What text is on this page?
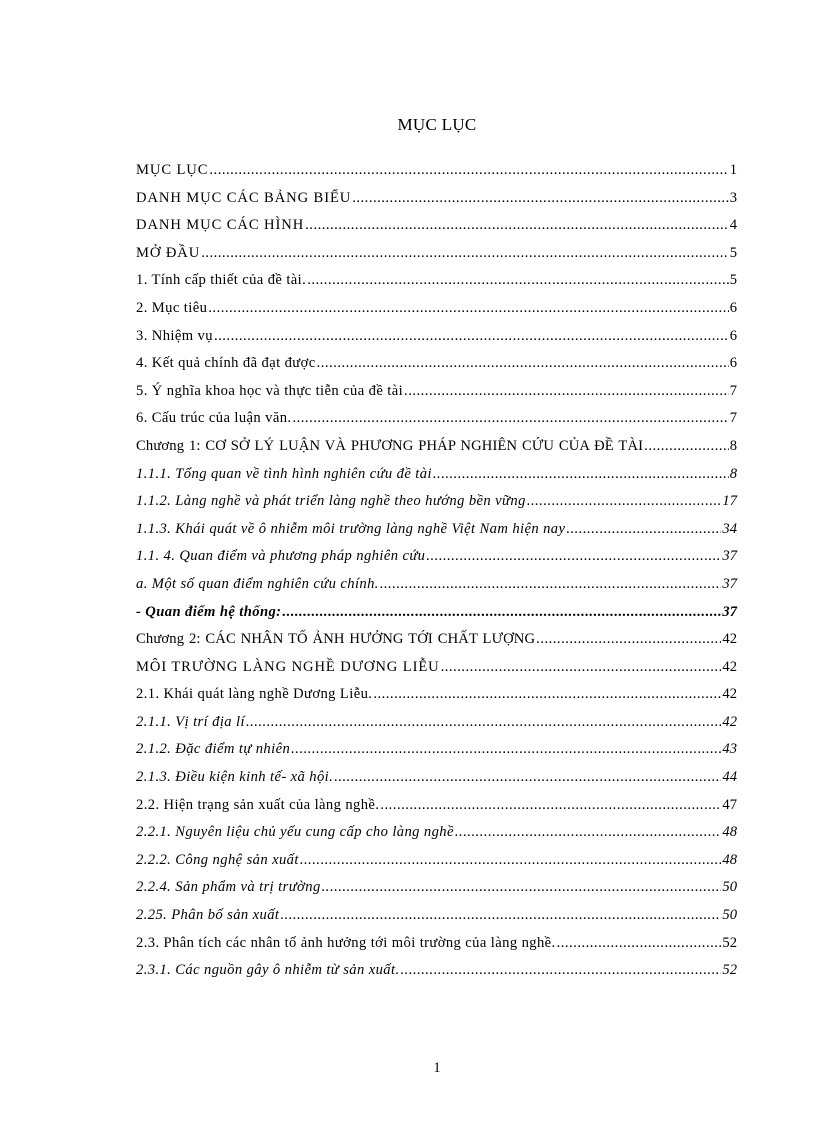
MỤC LỤC
MỤC LỤC .....	1
DANH MỤC CÁC BẢNG BIỂU .....	3
DANH MỤC CÁC HÌNH .....	4
MỞ ĐẦU .....	5
1. Tính cấp thiết của đề tài. .....	5
2. Mục tiêu .....	6
3. Nhiệm vụ .....	6
4. Kết quả chính đã đạt được .....	6
5. Ý nghĩa khoa học và thực tiễn của đề tài .....	7
6. Cấu trúc của luận văn. .....	7
Chương 1: CƠ SỞ LÝ LUẬN VÀ PHƯƠNG PHÁP NGHIÊN CỨU CỦA ĐỀ TÀI .....	8
1.1.1. Tổng quan về tình hình nghiên cứu đề tài .....	8
1.1.2. Làng nghề và phát triển làng nghề theo hướng bền vững .....	17
1.1.3. Khái quát về ô nhiễm môi trường làng nghề Việt Nam hiện nay .....	34
1.1. 4. Quan điểm và phương pháp nghiên cứu .....	37
a. Một số quan điểm nghiên cứu chính. .....	37
- Quan điểm hệ thống: .....	37
Chương 2: CÁC NHÂN TỐ ẢNH HƯỞNG TỚI CHẤT LƯỢNG .....	42
MÔI TRƯỜNG LÀNG NGHỀ DƯƠNG LIỄU .....	42
2.1. Khái quát làng nghề Dương Liễu. .....	42
2.1.1. Vị trí địa lí .....	42
2.1.2. Đặc điểm tự nhiên .....	43
2.1.3. Điều kiện kinh tế- xã hội. .....	44
2.2. Hiện trạng sản xuất của làng nghề. .....	47
2.2.1. Nguyên liệu chủ yếu cung cấp cho làng nghề .....	48
2.2.2. Công nghệ sản xuất .....	48
2.2.4. Sản phẩm và trị trường .....	50
2.25. Phân bố sản xuất .....	50
2.3. Phân tích các nhân tố ảnh hưởng tới môi trường của làng nghề. .....	52
2.3.1. Các nguồn gây ô nhiễm từ sản xuất. .....	52
1
